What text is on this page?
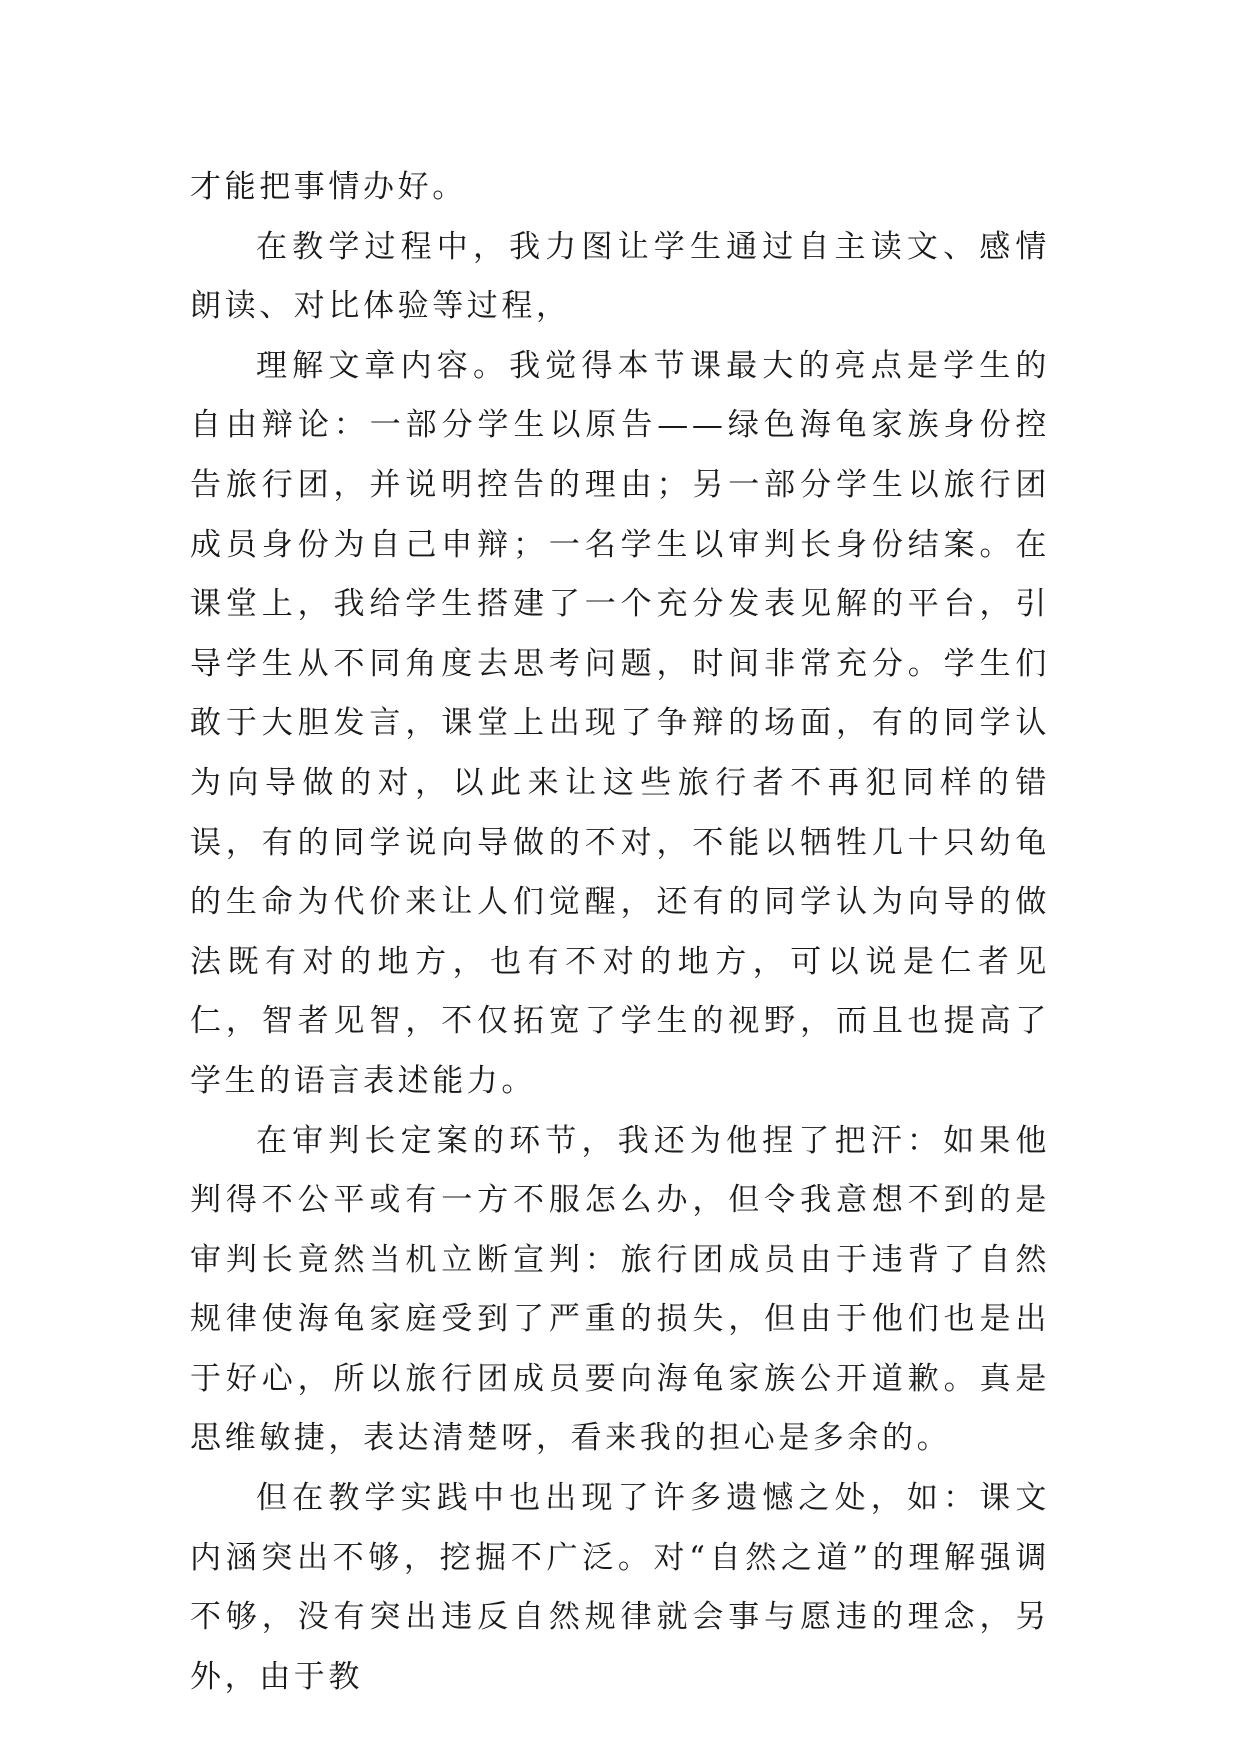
才能把事情办好。

在教学过程中，我力图让学生通过自主读文、感情朗读、对比体验等过程，

理解文章内容。我觉得本节课最大的亮点是学生的自由辩论：一部分学生以原告——绿色海龟家族身份控告旅行团，并说明控告的理由；另一部分学生以旅行团成员身份为自己申辩；一名学生以审判长身份结案。在课堂上，我给学生搭建了一个充分发表见解的平台，引导学生从不同角度去思考问题，时间非常充分。学生们敢于大胆发言，课堂上出现了争辩的场面，有的同学认为向导做的对，以此来让这些旅行者不再犯同样的错误，有的同学说向导做的不对，不能以牺牲几十只幼龟的生命为代价来让人们觉醒，还有的同学认为向导的做法既有对的地方，也有不对的地方，可以说是仁者见仁，智者见智，不仅拓宽了学生的视野，而且也提高了学生的语言表述能力。

在审判长定案的环节，我还为他捏了把汗：如果他判得不公平或有一方不服怎么办，但令我意想不到的是审判长竟然当机立断宣判：旅行团成员由于违背了自然规律使海龟家庭受到了严重的损失，但由于他们也是出于好心，所以旅行团成员要向海龟家族公开道歉。真是思维敏捷，表达清楚呀，看来我的担心是多余的。

但在教学实践中也出现了许多遗憾之处，如：课文内涵突出不够，挖掘不广泛。对“自然之道”的理解强调不够，没有突出违反自然规律就会事与愿违的理念，另外，由于教
